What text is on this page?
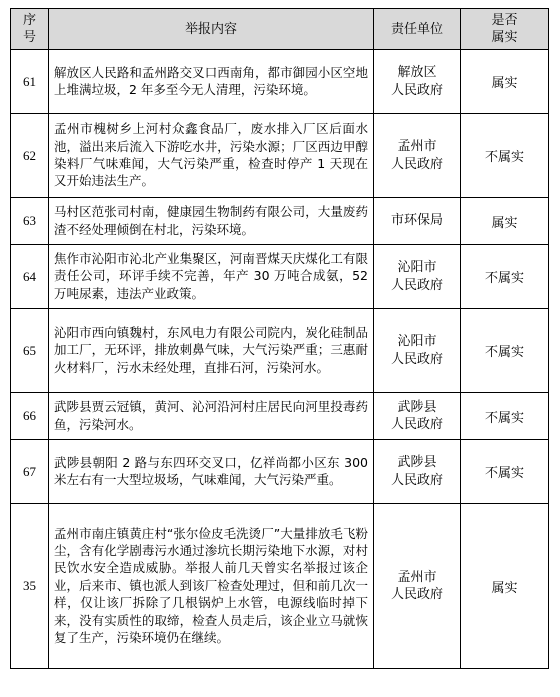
序
号	举报内容	责任单位	是否
属实

61	解放区人民路和孟州路交叉口西南角，都市御园小区空地上堆满垃圾，2 年多至今无人清理，污染环境。	解放区
人民政府	属实
62	孟州市槐树乡上河村众鑫食品厂，废水排入厂区后面水池，溢出来后流入下游吃水井，污染水源；厂区西边甲醇染料厂气味难闻，大气污染严重，检查时停产 1 天现在又开始违法生产。	孟州市
人民政府	不属实
63	马村区范张司村南，健康园生物制药有限公司，大量废药渣不经处理倾倒在村北，污染环境。	市环保局	属实
64	焦作市沁阳市沁北产业集聚区，河南晋煤天庆煤化工有限责任公司，环评手续不完善，年产 30 万吨合成氨，52 万吨尿素，违法产业政策。	沁阳市
人民政府	不属实
65	沁阳市西向镇魏村，东风电力有限公司院内，炭化硅制品加工厂，无环评，排放刺鼻气味，大气污染严重；三惠耐火材料厂，污水未经处理，直排石河，污染河水。	沁阳市
人民政府	不属实
66	武陟县贾云冠镇，黄河、沁河沿河村庄居民向河里投毒药鱼，污染河水。	武陟县
人民政府	不属实
67	武陟县朝阳 2 路与东四环交叉口，亿祥尚都小区东 300 米左右有一大型垃圾场，气味难闻，大气污染严重。	武陟县
人民政府	不属实
35	孟州市南庄镇黄庄村“张尔俭皮毛洗烫厂”大量排放毛飞粉尘，含有化学剧毒污水通过渗坑长期污染地下水源，对村民饮水安全造成威胁。举报人前几天曾实名举报过该企业，后来市、镇也派人到该厂检查处理过，但和前几次一样，仅让该厂拆除了几根锅炉上水管，电源线临时掉下来，没有实质性的取缔，检查人员走后，该企业立马就恢复了生产，污染环境仍在继续。	孟州市
人民政府	属实
